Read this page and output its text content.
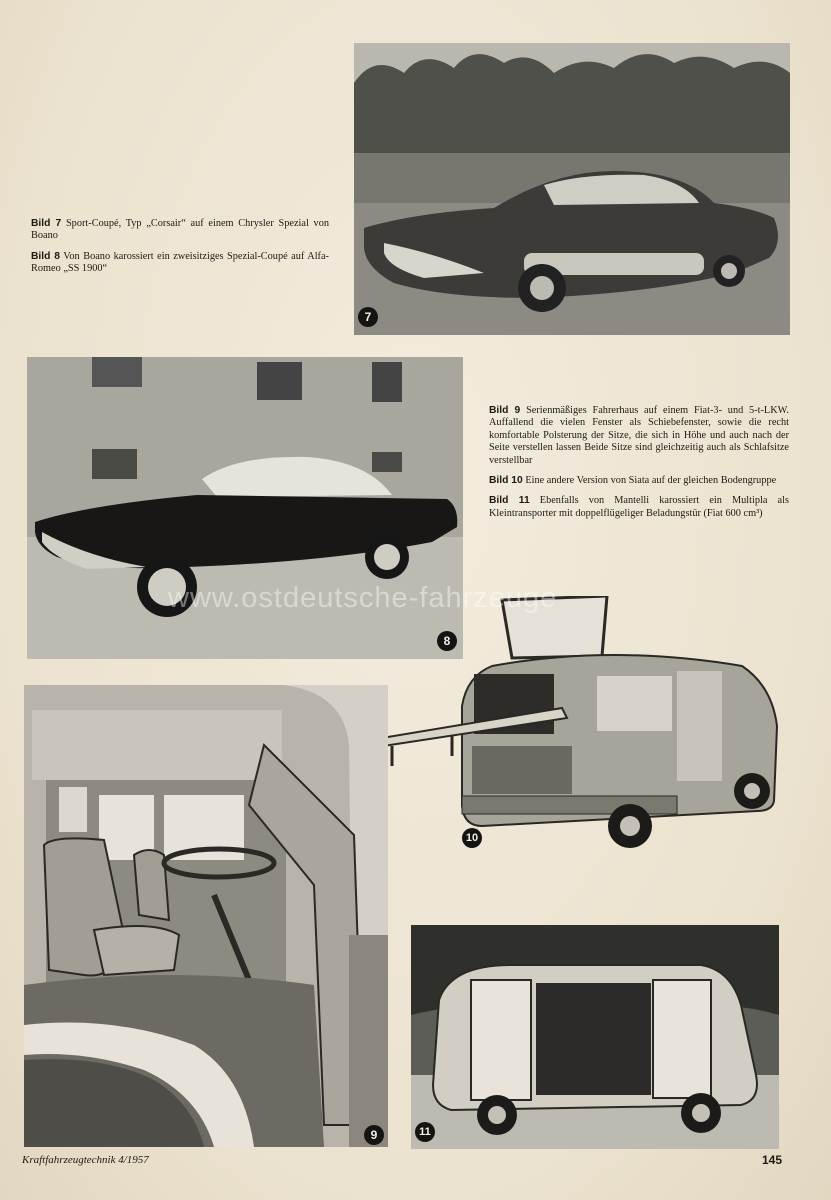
7

Bild 7 Sport-Coupé, Typ „Corsair“ auf einem Chrysler Spezial von Boano

Bild 8 Von Boano karossiert ein zweisitziges Spezial-Coupé auf Alfa-Romeo „SS 1900“

8

Bild 9 Serienmäßiges Fahrerhaus auf einem Fiat-3- und 5-t-LKW. Auffallend die vielen Fenster als Schiebefenster, sowie die recht komfortable Polsterung der Sitze, die sich in Höhe und auch nach der Seite verstellen lassen Beide Sitze sind gleichzeitig auch als Schlafsitze verstellbar

Bild 10 Eine andere Version von Siata auf der gleichen Bodengruppe

Bild 11 Ebenfalls von Mantelli karossiert ein Multipla als Kleintransporter mit doppelflügeliger Beladungstür (Fiat 600 cm³)

10
9	11
www.ostdeutsche-fahrzeuge
Kraftfahrzeugtechnik 4/1957	145
